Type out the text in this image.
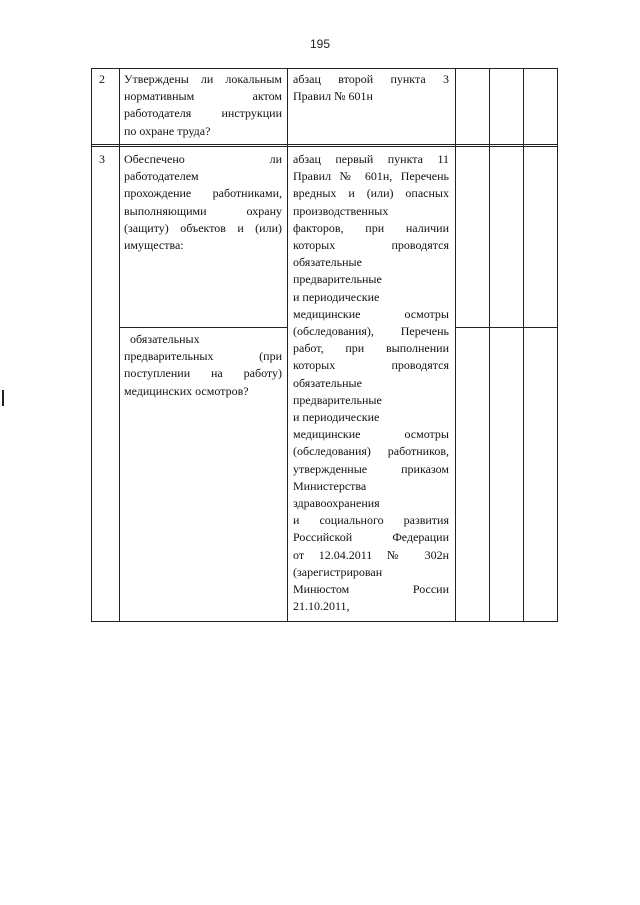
195
2 Утверждены ли локальным
нормативным актом
работодателя инструкции
по охране труда?
абзац второй пункта 3
Правил № 601н
3 Обеспечено ли
работодателем
прохождение работниками,
выполняющими охрану
(защиту) объектов и (или)
имущества:
обязательных
предварительных (при
поступлении на работу)
медицинских осмотров?
абзац первый пункта 11
Правил № 601н, Перечень
вредных и (или) опасных
производственных
факторов, при наличии
которых проводятся
обязательные
предварительные
и периодические
медицинские осмотры
(обследования), Перечень
работ, при выполнении
которых проводятся
обязательные
предварительные
и периодические
медицинские осмотры
(обследования) работников,
утвержденные приказом
Министерства
здравоохранения
и социального развития
Российской Федерации
от 12.04.2011 № 302н
(зарегистрирован
Минюстом России
21.10.2011,
